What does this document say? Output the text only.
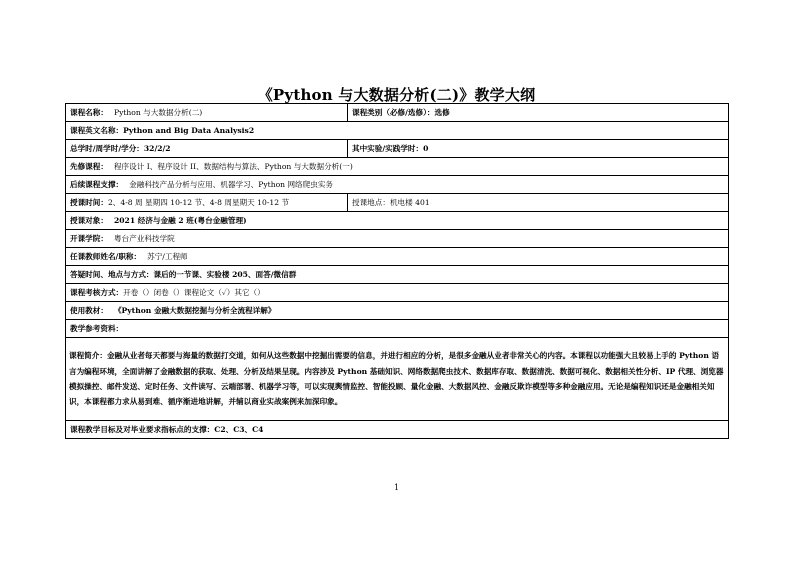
《Python 与大数据分析(二)》教学大纲
课程名称： Python 与大数据分析(二)	课程类别（必修/选修）：选修
课程英文名称：Python and Big Data Analysis2	
总学时/周学时/学分：32/2/2	其中实验/实践学时：0
先修课程： 程序设计 I、程序设计 II、数据结构与算法、Python 与大数据分析(一)	
后续课程支撑： 金融科技产品分析与应用、机器学习、Python 网络爬虫实务	
授课时间：2、4-8 周 星期四 10-12 节、4-8 周星期天 10-12 节	授课地点：机电楼 401
授课对象： 2021 经济与金融 2 班(粤台金融管理)	
开课学院： 粤台产业科技学院	
任课教师姓名/职称： 苏宁/工程师	
答疑时间、地点与方式：课后的一节课、实验楼 205、面答/微信群	
课程考核方式：开卷（）闭卷（）课程论文（✓）其它（）	
使用教材： 《Python 金融大数据挖掘与分析全流程详解》	
教学参考资料：	
课程简介：金融从业者每天都要与海量的数据打交道，如何从这些数据中挖掘出需要的信息，并进行相应的分析，是很多金融从业者非常关心的内容。本课程以功能强大且较易上手的 Python 语言为编程环境，全面讲解了金融数据的获取、处理、分析及结果呈现。内容涉及 Python 基础知识、网络数据爬虫技术、数据库存取、数据清洗、数据可视化、数据相关性分析、IP 代理、浏览器模拟操控、邮件发送、定时任务、文件读写、云端部署、机器学习等，可以实现舆情监控、智能投顾、量化金融、大数据风控、金融反欺诈模型等多种金融应用。无论是编程知识还是金融相关知识，本课程都力求从易到难、循序渐进地讲解，并辅以商业实战案例来加深印象。	
课程教学目标及对毕业要求指标点的支撑：C2、C3、C4	
1
